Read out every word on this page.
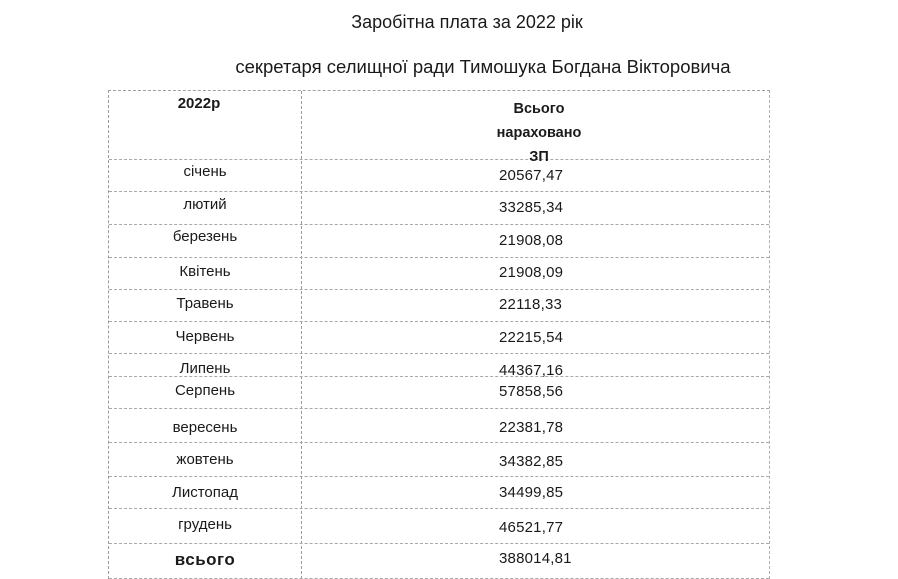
Заробітна плата за 2022 рік
секретаря селищної ради Тимошука Богдана Вікторовича
2022р	Всього
нараховано
ЗП
січень	20567,47
лютий	33285,34
березень	21908,08
Квітень	21908,09
Травень	22118,33
Червень	22215,54
Липень	44367,16
Серпень	57858,56
вересень	22381,78
жовтень	34382,85
Листопад	34499,85
грудень	46521,77
всього	388014,81
